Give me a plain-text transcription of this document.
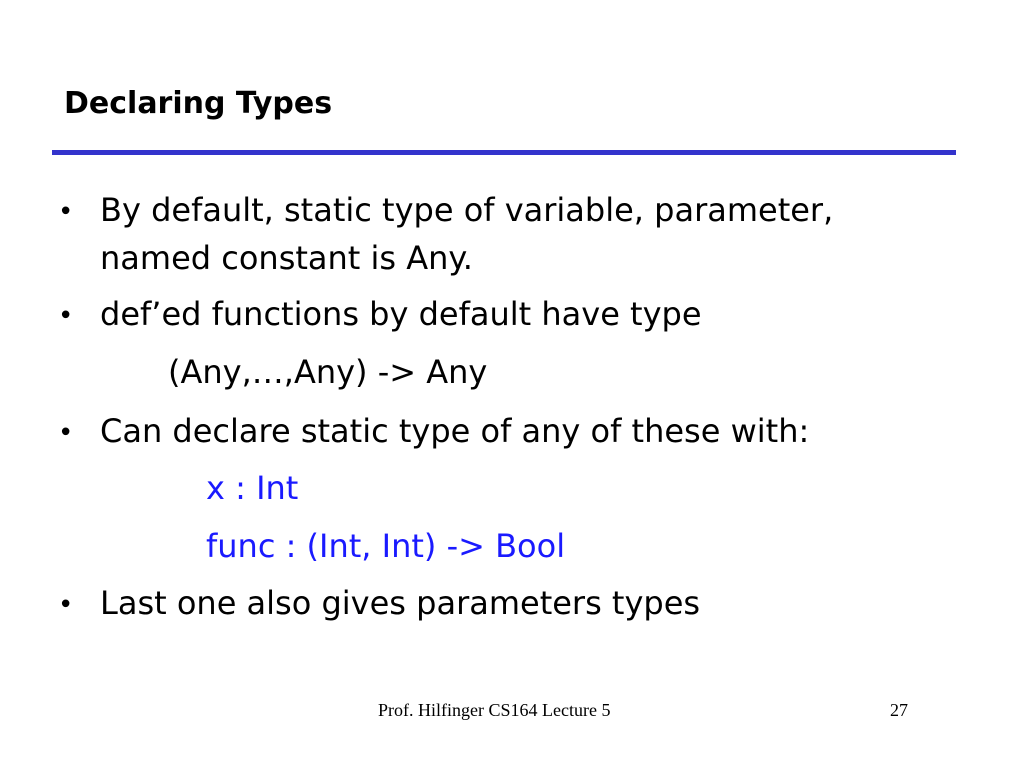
Declaring Types
• By default, static type of variable, parameter,
named constant is Any.
• def’ed functions by default have type
(Any,…,Any) -> Any
• Can declare static type of any of these with:
x : Int
func : (Int, Int) -> Bool
• Last one also gives parameters types
Prof. Hilfinger CS164 Lecture 5	27
